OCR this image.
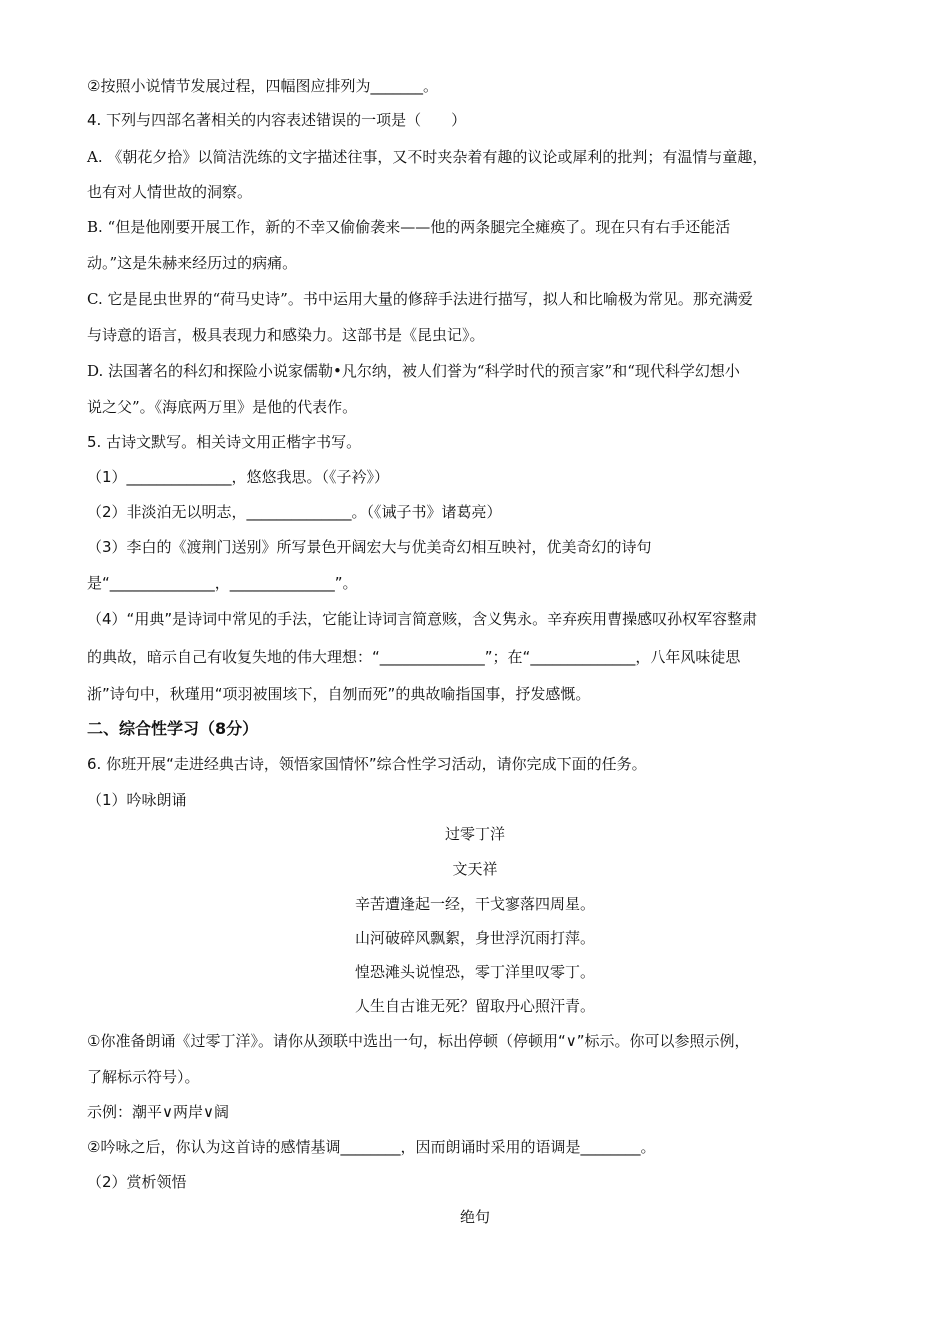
②按照小说情节发展过程，四幅图应排列为_______。
4. 下列与四部名著相关的内容表述错误的一项是（　　）
A. 《朝花夕拾》以简洁洗练的文字描述往事，又不时夹杂着有趣的议论或犀利的批判；有温情与童趣，
也有对人情世故的洞察。
B. “但是他刚要开展工作，新的不幸又偷偷袭来——他的两条腿完全瘫痪了。现在只有右手还能活
动。”这是朱赫来经历过的病痛。
C. 它是昆虫世界的“荷马史诗”。书中运用大量的修辞手法进行描写，拟人和比喻极为常见。那充满爱
与诗意的语言，极具表现力和感染力。这部书是《昆虫记》。
D. 法国著名的科幻和探险小说家儒勒•凡尔纳，被人们誉为“科学时代的预言家”和“现代科学幻想小
说之父”。《海底两万里》是他的代表作。
5. 古诗文默写。相关诗文用正楷字书写。
（1）______________，悠悠我思。（《子衿》）
（2）非淡泊无以明志，______________。（《诫子书》诸葛亮）
（3）李白的《渡荆门送别》所写景色开阔宏大与优美奇幻相互映衬，优美奇幻的诗句
是“______________，______________”。
（4）“用典”是诗词中常见的手法，它能让诗词言简意赅，含义隽永。辛弃疾用曹操感叹孙权军容整肃
的典故，暗示自己有收复失地的伟大理想：“______________”；在“______________，八年风味徒思
浙”诗句中，秋瑾用“项羽被围垓下，自刎而死”的典故喻指国事，抒发感慨。
二、综合性学习（8分）
6. 你班开展“走进经典古诗，领悟家国情怀”综合性学习活动，请你完成下面的任务。
（1）吟咏朗诵
过零丁洋
文天祥
辛苦遭逢起一经，干戈寥落四周星。
山河破碎风飘絮，身世浮沉雨打萍。
惶恐滩头说惶恐，零丁洋里叹零丁。
人生自古谁无死？留取丹心照汗青。
①你准备朗诵《过零丁洋》。请你从颈联中选出一句，标出停顿（停顿用“∨”标示。你可以参照示例，
了解标示符号）。
示例：潮平∨两岸∨阔
②吟咏之后，你认为这首诗的感情基调________，因而朗诵时采用的语调是________。
（2）赏析领悟
绝句
